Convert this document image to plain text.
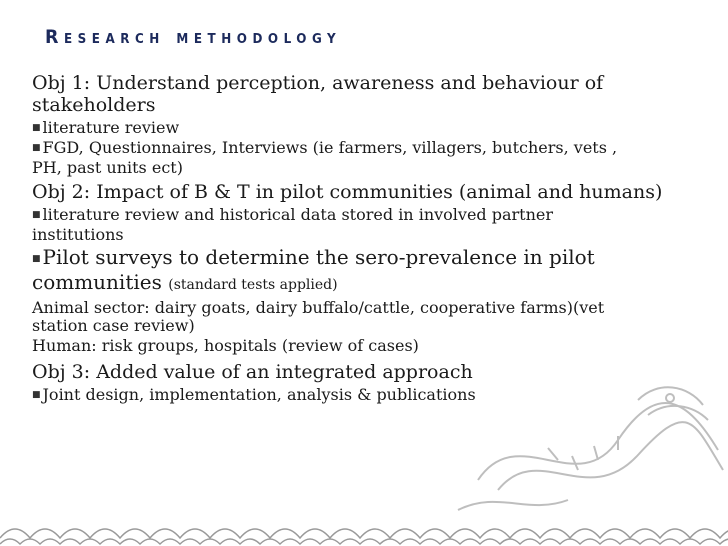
Research methodology
Obj 1: Understand perception, awareness and behaviour of
stakeholders
■ literature review
■ FGD, Questionnaires, Interviews (ie farmers, villagers, butchers, vets ,
PH, past units ect)
Obj 2: Impact of B & T in pilot communities (animal and humans)
■ literature review and historical data stored in involved partner
institutions
■ Pilot surveys to determine the sero-prevalence in pilot
communities (standard tests applied)
Animal sector: dairy goats, dairy buffalo/cattle, cooperative farms)(vet
station case review)
Human: risk groups, hospitals (review of cases)
Obj 3: Added value of an integrated approach
■ Joint design, implementation, analysis & publications
